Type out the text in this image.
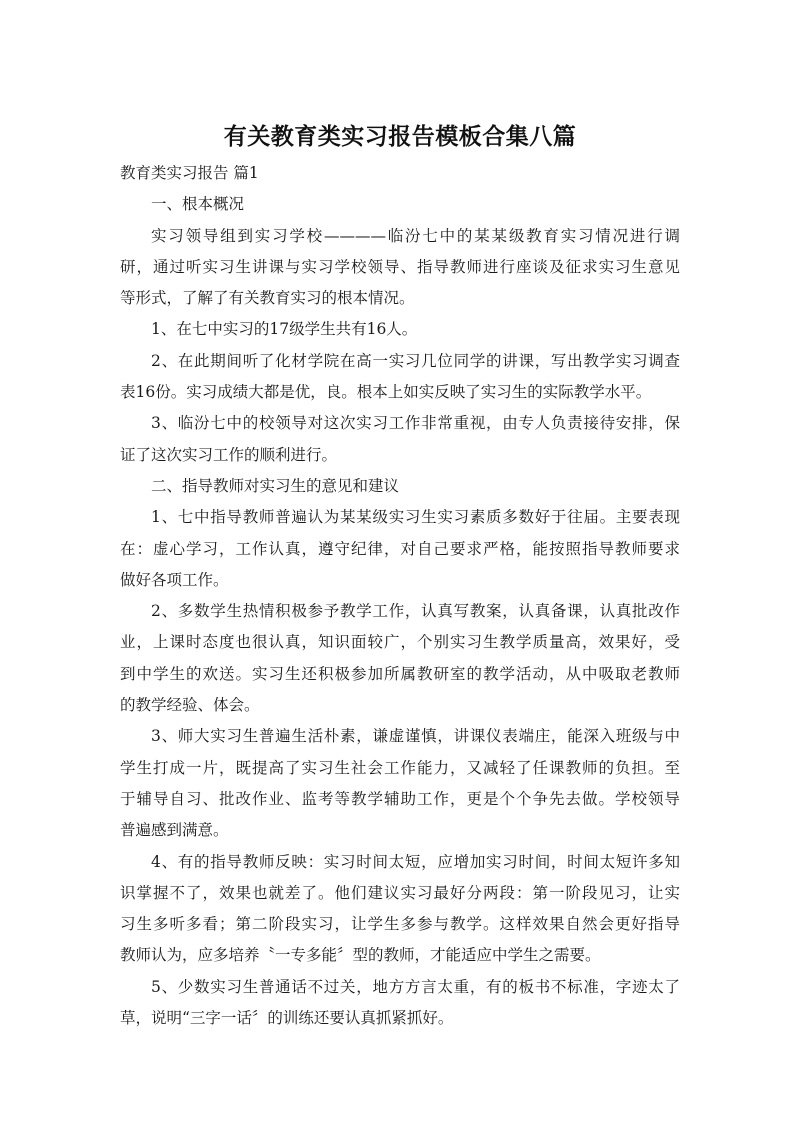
有关教育类实习报告模板合集八篇
教育类实习报告 篇1
一、根本概况
实习领导组到实习学校————临汾七中的某某级教育实习情况进行调
研，通过听实习生讲课与实习学校领导、指导教师进行座谈及征求实习生意见
等形式，了解了有关教育实习的根本情况。
1、在七中实习的17级学生共有16人。
2、在此期间听了化材学院在高一实习几位同学的讲课，写出教学实习调查
表16份。实习成绩大都是优，良。根本上如实反映了实习生的实际教学水平。
3、临汾七中的校领导对这次实习工作非常重视，由专人负责接待安排，保
证了这次实习工作的顺利进行。
二、指导教师对实习生的意见和建议
1、七中指导教师普遍认为某某级实习生实习素质多数好于往届。主要表现
在：虚心学习，工作认真，遵守纪律，对自己要求严格，能按照指导教师要求
做好各项工作。
2、多数学生热情积极参予教学工作，认真写教案，认真备课，认真批改作
业，上课时态度也很认真，知识面较广，个别实习生教学质量高，效果好，受
到中学生的欢送。实习生还积极参加所属教研室的教学活动，从中吸取老教师
的教学经验、体会。
3、师大实习生普遍生活朴素，谦虚谨慎，讲课仪表端庄，能深入班级与中
学生打成一片，既提高了实习生社会工作能力，又减轻了任课教师的负担。至
于辅导自习、批改作业、监考等教学辅助工作，更是个个争先去做。学校领导
普遍感到满意。
4、有的指导教师反映：实习时间太短，应增加实习时间，时间太短许多知
识掌握不了，效果也就差了。他们建议实习最好分两段：第一阶段见习，让实
习生多听多看；第二阶段实习，让学生多参与教学。这样效果自然会更好指导
教师认为，应多培养〝一专多能〞型的教师，才能适应中学生之需要。
5、少数实习生普通话不过关，地方方言太重，有的板书不标准，字迹太了
草，说明“三字一话〞的训练还要认真抓紧抓好。
